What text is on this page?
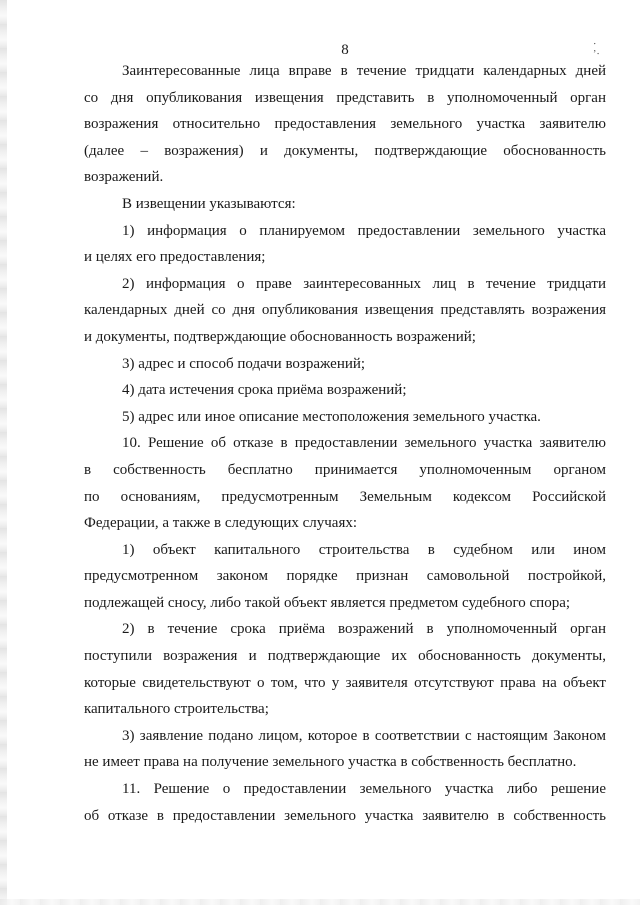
8	⋅
’⋅

Заинтересованные лица вправе в течение тридцати календарных дней
со дня опубликования извещения представить в уполномоченный орган
возражения относительно предоставления земельного участка заявителю
(далее – возражения) и документы, подтверждающие обоснованность
возражений.

В извещении указываются:

1) информация о планируемом предоставлении земельного участка
и целях его предоставления;

2) информация о праве заинтересованных лиц в течение тридцати
календарных дней со дня опубликования извещения представлять возражения
и документы, подтверждающие обоснованность возражений;

3) адрес и способ подачи возражений;

4) дата истечения срока приёма возражений;

5) адрес или иное описание местоположения земельного участка.

10. Решение об отказе в предоставлении земельного участка заявителю
в собственность бесплатно принимается уполномоченным органом
по основаниям, предусмотренным Земельным кодексом Российской
Федерации, а также в следующих случаях:

1) объект капитального строительства в судебном или ином
предусмотренном законом порядке признан самовольной постройкой,
подлежащей сносу, либо такой объект является предметом судебного спора;

2) в течение срока приёма возражений в уполномоченный орган
поступили возражения и подтверждающие их обоснованность документы,
которые свидетельствуют о том, что у заявителя отсутствуют права на объект
капитального строительства;

3) заявление подано лицом, которое в соответствии с настоящим Законом
не имеет права на получение земельного участка в собственность бесплатно.

11. Решение о предоставлении земельного участка либо решение
об отказе в предоставлении земельного участка заявителю в собственность
